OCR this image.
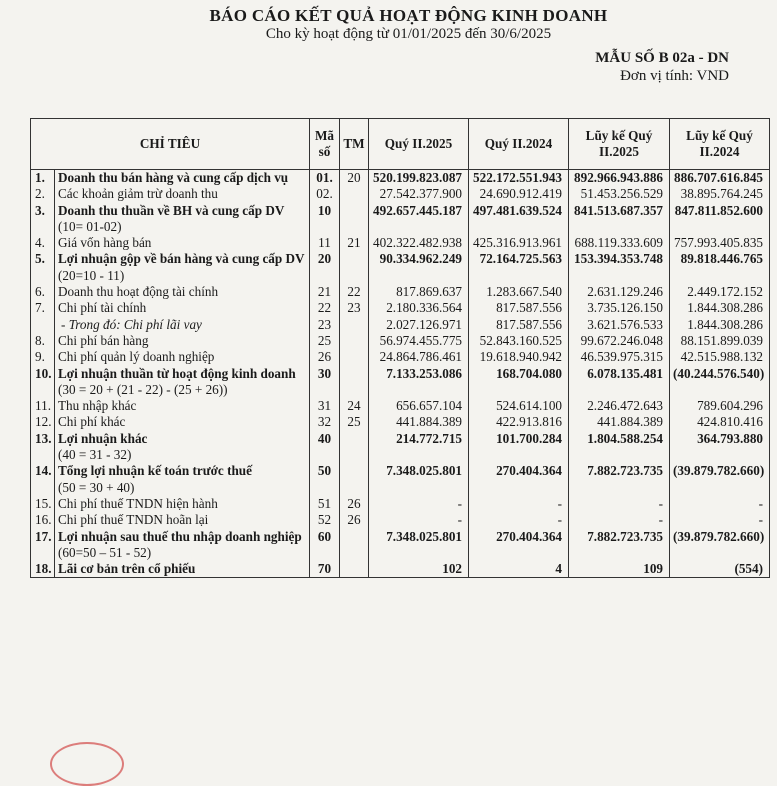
BÁO CÁO KẾT QUẢ HOẠT ĐỘNG KINH DOANH
Cho kỳ hoạt động từ 01/01/2025 đến 30/6/2025
MẪU SỐ B 02a - DN
Đơn vị tính: VND
CHỈ TIÊU		Mã số	TM	Quý II.2025	Quý II.2024	Lũy kế Quý II.2025	Lũy kế Quý II.2024
1.	Doanh thu bán hàng và cung cấp dịch vụ	01.	20	520.199.823.087	522.172.551.943	892.966.943.886	886.707.616.845
2.	Các khoản giảm trừ doanh thu	02.		27.542.377.900	24.690.912.419	51.453.256.529	38.895.764.245
3.	Doanh thu thuần về BH và cung cấp DV	10		492.657.445.187	497.481.639.524	841.513.687.357	847.811.852.600
	(10= 01-02)						
4.	Giá vốn hàng bán	11	21	402.322.482.938	425.316.913.961	688.119.333.609	757.993.405.835
5.	Lợi nhuận gộp về bán hàng và cung cấp DV	20		90.334.962.249	72.164.725.563	153.394.353.748	89.818.446.765
	(20=10 - 11)						
6.	Doanh thu hoạt động tài chính	21	22	817.869.637	1.283.667.540	2.631.129.246	2.449.172.152
7.	Chi phí tài chính	22	23	2.180.336.564	817.587.556	3.735.126.150	1.844.308.286
	- Trong đó: Chi phí lãi vay	23		2.027.126.971	817.587.556	3.621.576.533	1.844.308.286
8.	Chi phí bán hàng	25		56.974.455.775	52.843.160.525	99.672.246.048	88.151.899.039
9.	Chi phí quản lý doanh nghiệp	26		24.864.786.461	19.618.940.942	46.539.975.315	42.515.988.132
10.	Lợi nhuận thuần từ hoạt động kinh doanh	30		7.133.253.086	168.704.080	6.078.135.481	(40.244.576.540)
	(30 = 20 + (21 - 22) - (25 + 26))						
11.	Thu nhập khác	31	24	656.657.104	524.614.100	2.246.472.643	789.604.296
12.	Chi phí khác	32	25	441.884.389	422.913.816	441.884.389	424.810.416
13.	Lợi nhuận khác	40		214.772.715	101.700.284	1.804.588.254	364.793.880
	(40 = 31 - 32)						
14.	Tổng lợi nhuận kế toán trước thuế	50		7.348.025.801	270.404.364	7.882.723.735	(39.879.782.660)
	(50 = 30 + 40)						
15.	Chi phí thuế TNDN hiện hành	51	26	-	-	-	-
16.	Chi phí thuế TNDN hoãn lại	52	26	-	-	-	-
17.	Lợi nhuận sau thuế thu nhập doanh nghiệp	60		7.348.025.801	270.404.364	7.882.723.735	(39.879.782.660)
	(60=50 – 51 - 52)						
18.	Lãi cơ bản trên cổ phiếu	70		102	4	109	(554)
